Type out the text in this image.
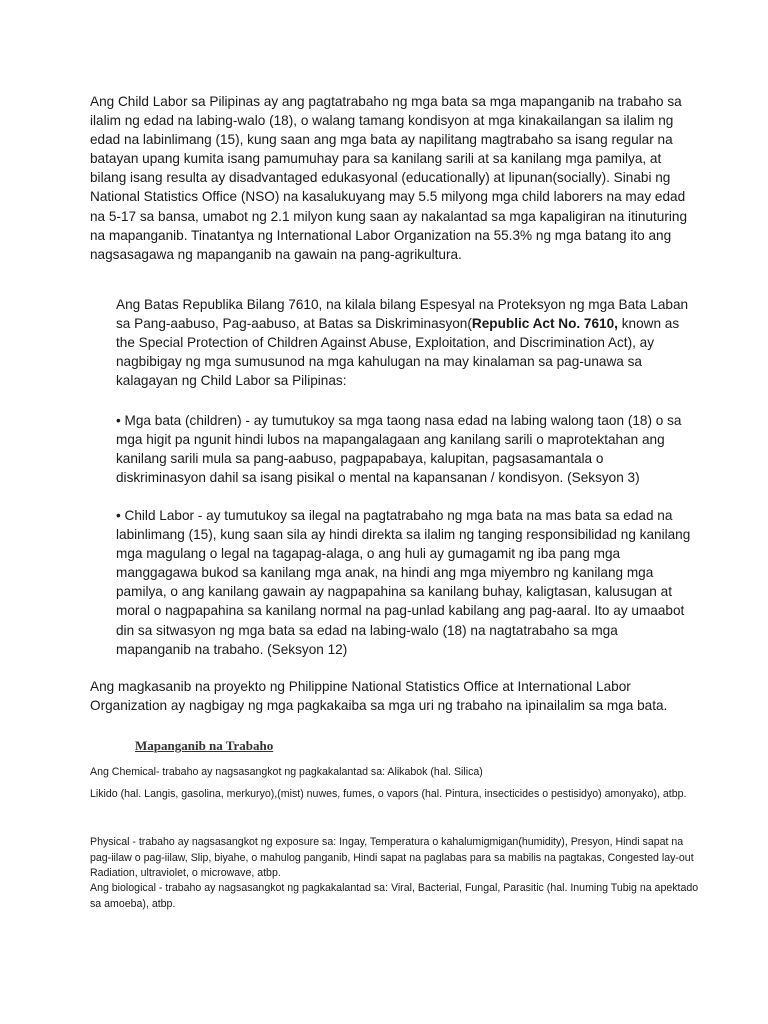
Ang Child Labor sa Pilipinas ay ang pagtatrabaho ng mga bata sa mga mapanganib na trabaho sa ilalim ng edad na labing-walo (18), o walang tamang kondisyon at mga kinakailangan sa ilalim ng edad na labinlimang (15), kung saan ang mga bata ay napilitang magtrabaho sa isang regular na batayan upang kumita isang pamumuhay para sa kanilang sarili at sa kanilang mga pamilya, at bilang isang resulta ay disadvantaged edukasyonal (educationally) at lipunan(socially). Sinabi ng National Statistics Office (NSO) na kasalukuyang may 5.5 milyong mga child laborers na may edad na 5-17 sa bansa, umabot ng 2.1 milyon kung saan ay nakalantad sa mga kapaligiran na itinuturing na mapanganib. Tinatantya ng International Labor Organization na 55.3% ng mga batang ito ang nagsasagawa ng mapanganib na gawain na pang-agrikultura.

Ang Batas Republika Bilang 7610, na kilala bilang Espesyal na Proteksyon ng mga Bata Laban sa Pang-aabuso, Pag-aabuso, at Batas sa Diskriminasyon(Republic Act No. 7610, known as the Special Protection of Children Against Abuse, Exploitation, and Discrimination Act), ay nagbibigay ng mga sumusunod na mga kahulugan na may kinalaman sa pag-unawa sa kalagayan ng Child Labor sa Pilipinas:

• Mga bata (children) - ay tumutukoy sa mga taong nasa edad na labing walong taon (18) o sa mga higit pa ngunit hindi lubos na mapangalagaan ang kanilang sarili o maprotektahan ang kanilang sarili mula sa pang-aabuso, pagpapabaya, kalupitan, pagsasamantala o diskriminasyon dahil sa isang pisikal o mental na kapansanan / kondisyon. (Seksyon 3)

• Child Labor - ay tumutukoy sa ilegal na pagtatrabaho ng mga bata na mas bata sa edad na labinlimang (15), kung saan sila ay hindi direkta sa ilalim ng tanging responsibilidad ng kanilang mga magulang o legal na tagapag-alaga, o ang huli ay gumagamit ng iba pang mga manggagawa bukod sa kanilang mga anak, na hindi ang mga miyembro ng kanilang mga pamilya, o ang kanilang gawain ay nagpapahina sa kanilang buhay, kaligtasan, kalusugan at moral o nagpapahina sa kanilang normal na pag-unlad kabilang ang pag-aaral. Ito ay umaabot din sa sitwasyon ng mga bata sa edad na labing-walo (18) na nagtatrabaho sa mga mapanganib na trabaho. (Seksyon 12)

Ang magkasanib na proyekto ng Philippine National Statistics Office at International Labor Organization ay nagbigay ng mga pagkakaiba sa mga uri ng trabaho na ipinailalim sa mga bata.

Mapanganib na Trabaho

Ang Chemical- trabaho ay nagsasangkot ng pagkakalantad sa: Alikabok (hal. Silica)

Likido (hal. Langis, gasolina, merkuryo),(mist) nuwes, fumes, o vapors (hal. Pintura, insecticides o pestisidyo) amonyako), atbp.

Physical - trabaho ay nagsasangkot ng exposure sa: Ingay, Temperatura o kahalumigmigan(humidity), Presyon, Hindi sapat na pag-iilaw o pag-iilaw, Slip, biyahe, o mahulog panganib, Hindi sapat na paglabas para sa mabilis na pagtakas, Congested lay-out Radiation, ultraviolet, o microwave, atbp.

Ang biological - trabaho ay nagsasangkot ng pagkakalantad sa: Viral, Bacterial, Fungal, Parasitic (hal. Inuming Tubig na apektado sa amoeba), atbp.
